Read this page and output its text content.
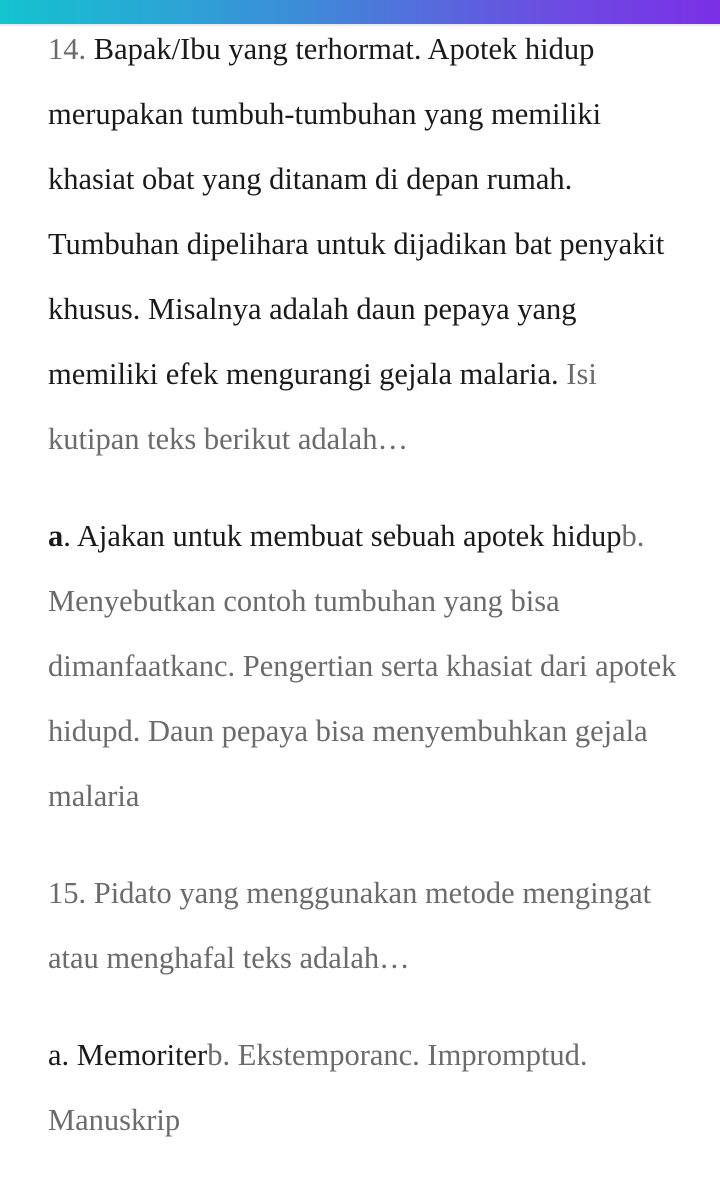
14. Bapak/Ibu yang terhormat. Apotek hidup merupakan tumbuh-tumbuhan yang memiliki khasiat obat yang ditanam di depan rumah. Tumbuhan dipelihara untuk dijadikan bat penyakit khusus. Misalnya adalah daun pepaya yang memiliki efek mengurangi gejala malaria. Isi kutipan teks berikut adalah…

a. Ajakan untuk membuat sebuah apotek hidupb. Menyebutkan contoh tumbuhan yang bisa dimanfaatkanc. Pengertian serta khasiat dari apotek hidupd. Daun pepaya bisa menyembuhkan gejala malaria

15. Pidato yang menggunakan metode mengingat atau menghafal teks adalah…

a. Memoriterb. Ekstemporanc. Impromptud. Manuskrip
